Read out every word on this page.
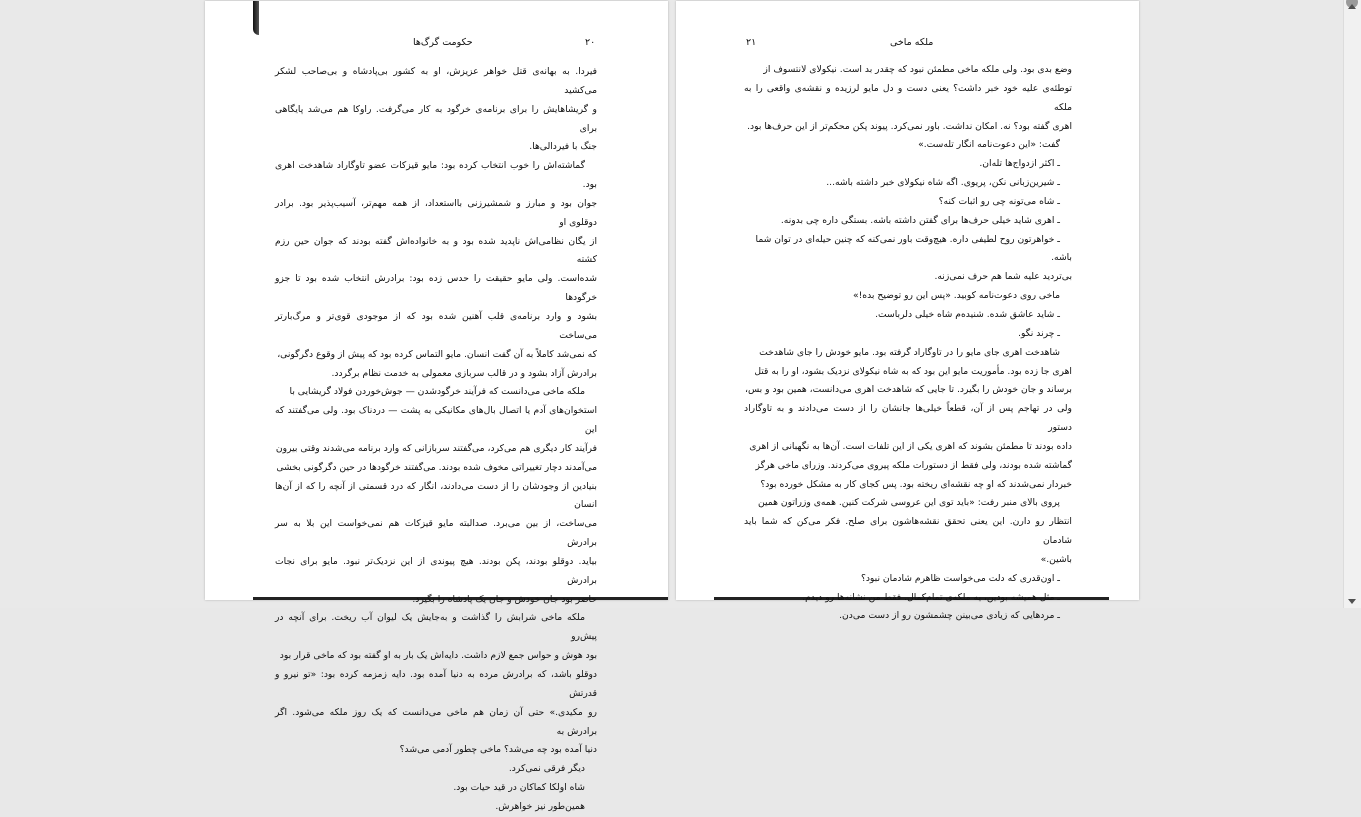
۲۰
حکومت گرگ‌ها

فیردا. به بهانه‌ی قتل خواهر عزیزش، او به کشور بی‌پادشاه و بی‌صاحب لشکر می‌کشید

و گریشاهایش را برای برنامه‌ی خرگود به کار می‌گرفت. راوکا هم می‌شد پایگاهی برای

جنگ با فیردالی‌ها.

گماشته‌اش را خوب انتخاب کرده بود: مایو قیزکات عضو تاوگاراد شاهدخت اهری بود.

جوان بود و مبارز و شمشیرزنی بااستعداد، از همه مهم‌تر، آسیب‌پذیر بود. برادر دوقلوی او

از یگان نظامی‌اش ناپدید شده بود و به خانواده‌اش گفته بودند که جوان حین رزم کشته

شده‌است. ولی مایو حقیقت را حدس زده بود: برادرش انتخاب شده بود تا جزو خرگودها

بشود و وارد برنامه‌ی قلب آهنین شده بود که از موجودی قوی‌تر و مرگ‌بارتر می‌ساخت

که نمی‌شد کاملاً به آن گفت انسان. مایو التماس کرده بود که پیش از وقوع دگرگونی،

برادرش آزاد بشود و در قالب سربازی معمولی به خدمت نظام برگردد.

ملکه ماخی می‌دانست که فرآیند خرگودشدن — جوش‌خوردن فولاد گریشایی با

استخوان‌های آدم یا اتصال بال‌های مکانیکی به پشت — دردناک بود. ولی می‌گفتند که این

فرآیند کار دیگری هم می‌کرد، می‌گفتند سربازانی که وارد برنامه می‌شدند وقتی بیرون

می‌آمدند دچار تغییراتی مخوف شده بودند. می‌گفتند خرگودها در حین دگرگونی بخشی

بنیادین از وجودشان را از دست می‌دادند، انگار که درد قسمتی از آنچه را که از آن‌ها انسان

می‌ساخت، از بین می‌برد. صدالبته مایو قیزکات هم نمی‌خواست این بلا به سر برادرش

بیاید. دوقلو بودند، پکن بودند. هیچ پیوندی از این نزدیک‌تر نبود. مایو برای نجات برادرش

حاضر بود جان خودش و جان یک پادشاه را بگیرد.

ملکه ماخی شرابش را گذاشت و به‌جایش یک لیوان آب ریخت. برای آنچه در پیش‌رو

بود هوش و حواس جمع لازم داشت. دایه‌اش یک بار به او گفته بود که ماخی قرار بود

دوقلو باشد، که برادرش مرده به دنیا آمده بود. دایه زمزمه کرده بود: «تو نیرو و قدرتش

رو مکیدی.» حتی آن زمان هم ماخی می‌دانست که یک روز ملکه می‌شود. اگر برادرش به

دنیا آمده بود چه می‌شد؟ ماخی چطور آدمی می‌شد؟

دیگر فرقی نمی‌کرد.

شاه اولکا کماکان در قید حیات بود.

همین‌طور نیز خواهرش.

۲۱	ملکه ماخی

وضع بدی بود. ولی ملکه ماخی مطمئن نبود که چقدر بد است. نیکولای لانتسوف از

توطئه‌ی علیه خود خبر داشت؟ یعنی دست و دل مایو لرزیده و نقشه‌ی واقعی را به ملکه

اهری گفته بود؟ نه. امکان نداشت. باور نمی‌کرد. پیوند پکن محکم‌تر از این حرف‌ها بود.

گفت: «این دعوت‌نامه انگار تله‌ست.»

ـ اکثر ازدواج‌ها تله‌ان.

ـ شیرین‌زبانی نکن، پریوی. اگه شاه نیکولای خبر داشته باشه...

ـ شاه می‌تونه چی رو اثبات کنه؟

ـ اهری شاید خیلی حرف‌ها برای گفتن داشته باشه. بستگی داره چی بدونه.

ـ خواهرتون روح لطیفی داره. هیچ‌وقت باور نمی‌کنه که چنین حیله‌ای در توان شما باشه.

بی‌تردید علیه شما هم حرف نمی‌زنه.

ماخی روی دعوت‌نامه کوبید. «پس این رو توضیح بده!»

ـ شاید عاشق شده. شنیده‌م شاه خیلی دلرباست.

ـ چرند نگو.

شاهدخت اهری جای مایو را در تاوگاراد گرفته بود. مایو خودش را جای شاهدخت

اهری جا زده بود. مأموریت مایو این بود که به شاه نیکولای نزدیک بشود، او را به قتل

برساند و جان خودش را بگیرد. تا جایی که شاهدخت اهری می‌دانست، همین بود و بس،

ولی در تهاجم پس از آن، قطعاً خیلی‌ها جانشان را از دست می‌دادند و به تاوگاراد دستور

داده بودند تا مطمئن بشوند که اهری یکی از این تلفات است. آن‌ها به نگهبانی از اهری

گماشته شده بودند، ولی فقط از دستورات ملکه پیروی می‌کردند. وزرای ماخی هرگز

خبردار نمی‌شدند که او چه نقشه‌ای ریخته بود. پس کجای کار به مشکل خورده بود؟

پروی بالای منبر رفت: «باید توی این عروسی شرکت کنین. همه‌ی وزراتون همین

انتظار رو دارن. این یعنی تحقق نقشه‌هاشون برای صلح. فکر می‌کن که شما باید شادمان

باشین.»

ـ اون‌قدری که دلت می‌خواست ظاهرم شادمان نبود؟

ـ مثل همیشه بودین، یه ملکه‌ی تمام‌کمال. فقط من نشانه‌ها رو دیدم.

ـ مردهایی که زیادی می‌بینن چشمشون رو از دست می‌دن.
